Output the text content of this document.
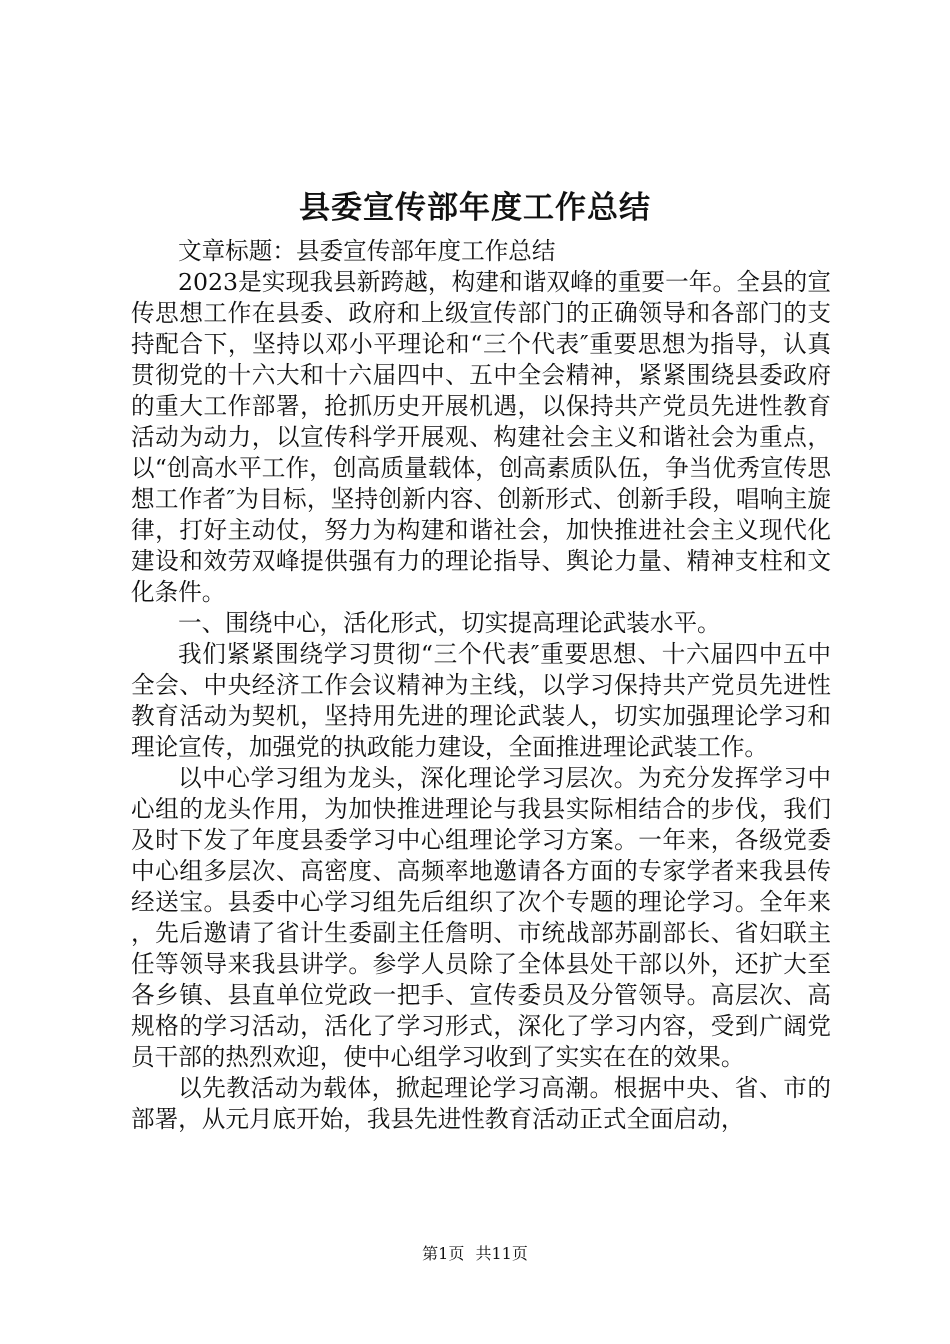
县委宣传部年度工作总结

文章标题：县委宣传部年度工作总结

2023是实现我县新跨越，构建和谐双峰的重要一年。全县的宣传思想工作在县委、政府和上级宣传部门的正确领导和各部门的支持配合下，坚持以邓小平理论和“三个代表″重要思想为指导，认真贯彻党的十六大和十六届四中、五中全会精神，紧紧围绕县委政府的重大工作部署，抢抓历史开展机遇，以保持共产党员先进性教育活动为动力，以宣传科学开展观、构建社会主义和谐社会为重点，以“创高水平工作，创高质量载体，创高素质队伍，争当优秀宣传思想工作者″为目标，坚持创新内容、创新形式、创新手段，唱响主旋律，打好主动仗，努力为构建和谐社会，加快推进社会主义现代化建设和效劳双峰提供强有力的理论指导、舆论力量、精神支柱和文化条件。

一、围绕中心，活化形式，切实提高理论武装水平。

我们紧紧围绕学习贯彻“三个代表″重要思想、十六届四中五中全会、中央经济工作会议精神为主线，以学习保持共产党员先进性教育活动为契机，坚持用先进的理论武装人，切实加强理论学习和理论宣传，加强党的执政能力建设，全面推进理论武装工作。

以中心学习组为龙头，深化理论学习层次。为充分发挥学习中心组的龙头作用，为加快推进理论与我县实际相结合的步伐，我们及时下发了年度县委学习中心组理论学习方案。一年来，各级党委中心组多层次、高密度、高频率地邀请各方面的专家学者来我县传经送宝。县委中心学习组先后组织了次个专题的理论学习。全年来，先后邀请了省计生委副主任詹明、市统战部苏副部长、省妇联主任等领导来我县讲学。参学人员除了全体县处干部以外，还扩大至各乡镇、县直单位党政一把手、宣传委员及分管领导。高层次、高规格的学习活动，活化了学习形式，深化了学习内容，受到广阔党员干部的热烈欢迎，使中心组学习收到了实实在在的效果。

以先教活动为载体，掀起理论学习高潮。根据中央、省、市的部署，从元月底开始，我县先进性教育活动正式全面启动，

第1页 共11页
